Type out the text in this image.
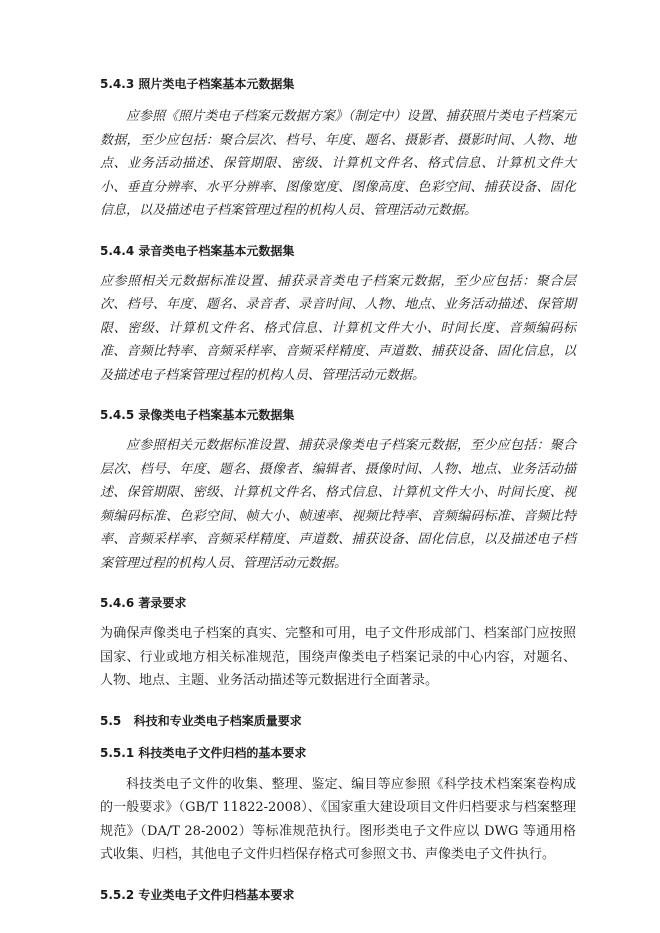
5.4.3 照片类电子档案基本元数据集

应参照《照片类电子档案元数据方案》（制定中）设置、捕获照片类电子档案元数据，至少应包括：聚合层次、档号、年度、题名、摄影者、摄影时间、人物、地点、业务活动描述、保管期限、密级、计算机文件名、格式信息、计算机文件大小、垂直分辨率、水平分辨率、图像宽度、图像高度、色彩空间、捕获设备、固化信息，以及描述电子档案管理过程的机构人员、管理活动元数据。

5.4.4 录音类电子档案基本元数据集

应参照相关元数据标准设置、捕获录音类电子档案元数据，至少应包括：聚合层次、档号、年度、题名、录音者、录音时间、人物、地点、业务活动描述、保管期限、密级、计算机文件名、格式信息、计算机文件大小、时间长度、音频编码标准、音频比特率、音频采样率、音频采样精度、声道数、捕获设备、固化信息，以及描述电子档案管理过程的机构人员、管理活动元数据。

5.4.5 录像类电子档案基本元数据集

应参照相关元数据标准设置、捕获录像类电子档案元数据，至少应包括：聚合层次、档号、年度、题名、摄像者、编辑者、摄像时间、人物、地点、业务活动描述、保管期限、密级、计算机文件名、格式信息、计算机文件大小、时间长度、视频编码标准、色彩空间、帧大小、帧速率、视频比特率、音频编码标准、音频比特率、音频采样率、音频采样精度、声道数、捕获设备、固化信息，以及描述电子档案管理过程的机构人员、管理活动元数据。

5.4.6 著录要求

为确保声像类电子档案的真实、完整和可用，电子文件形成部门、档案部门应按照国家、行业或地方相关标准规范，围绕声像类电子档案记录的中心内容，对题名、人物、地点、主题、业务活动描述等元数据进行全面著录。

5.5   科技和专业类电子档案质量要求

5.5.1 科技类电子文件归档的基本要求

科技类电子文件的收集、整理、鉴定、编目等应参照《科学技术档案案卷构成的一般要求》（GB/T 11822-2008）、《国家重大建设项目文件归档要求与档案整理规范》（DA/T 28-2002）等标准规范执行。图形类电子文件应以 DWG 等通用格式收集、归档，其他电子文件归档保存格式可参照文书、声像类电子文件执行。

5.5.2 专业类电子文件归档基本要求
